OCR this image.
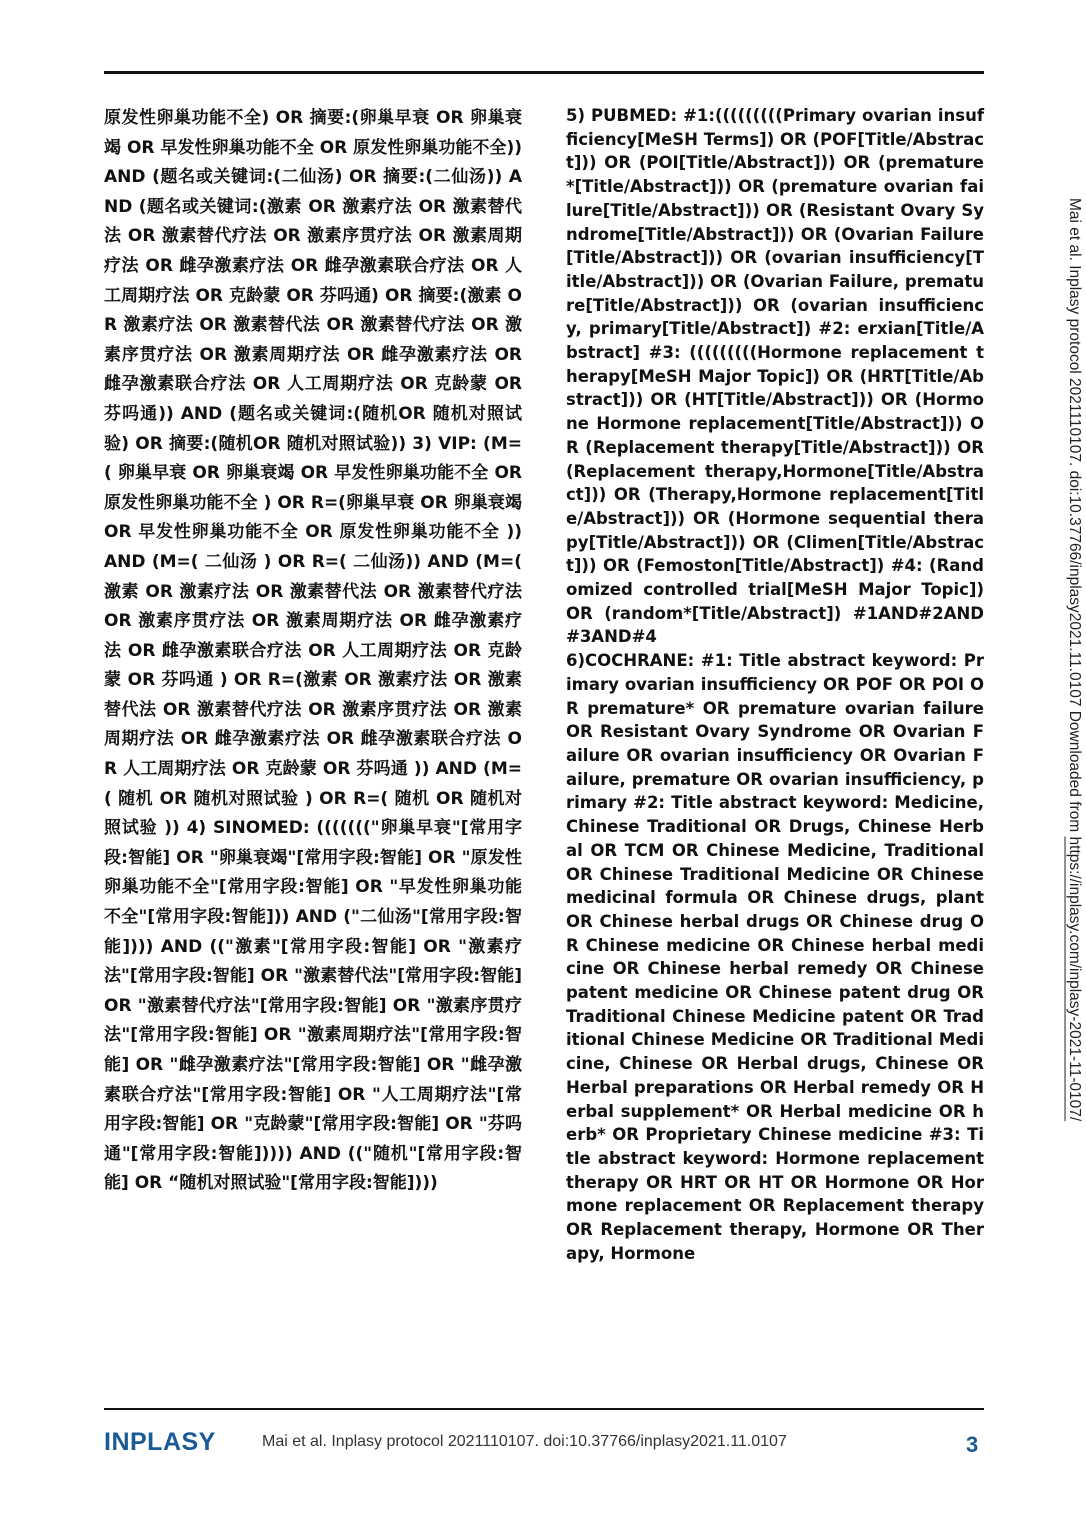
原发性卵巢功能不全) OR 摘要:(卵巢早衰 OR 卵巢衰竭 OR 早发性卵巢功能不全 OR 原发性卵巢功能不全)) AND (题名或关键词:(二仙汤) OR 摘要:(二仙汤)) AND (题名或关键词:(激素 OR 激素疗法 OR 激素替代法 OR 激素替代疗法 OR 激素序贯疗法 OR 激素周期疗法 OR 雌孕激素疗法 OR 雌孕激素联合疗法 OR 人工周期疗法 OR 克龄蒙 OR 芬吗通) OR 摘要:(激素 OR 激素疗法 OR 激素替代法 OR 激素替代疗法 OR 激素序贯疗法 OR 激素周期疗法 OR 雌孕激素疗法 OR 雌孕激素联合疗法 OR 人工周期疗法 OR 克龄蒙 OR 芬吗通)) AND (题名或关键词:(随机OR 随机对照试验) OR 摘要:(随机OR 随机对照试验)) 3) VIP: (M=( 卵巢早衰 OR 卵巢衰竭 OR 早发性卵巢功能不全 OR 原发性卵巢功能不全 ) OR R=(卵巢早衰 OR 卵巢衰竭 OR 早发性卵巢功能不全 OR 原发性卵巢功能不全 )) AND (M=( 二仙汤 ) OR R=( 二仙汤)) AND (M=( 激素 OR 激素疗法 OR 激素替代法 OR 激素替代疗法 OR 激素序贯疗法 OR 激素周期疗法 OR 雌孕激素疗法 OR 雌孕激素联合疗法 OR 人工周期疗法 OR 克龄蒙 OR 芬吗通 ) OR R=(激素 OR 激素疗法 OR 激素替代法 OR 激素替代疗法 OR 激素序贯疗法 OR 激素周期疗法 OR 雌孕激素疗法 OR 雌孕激素联合疗法 OR 人工周期疗法 OR 克龄蒙 OR 芬吗通 )) AND (M=( 随机 OR 随机对照试验 ) OR R=( 随机 OR 随机对照试验 )) 4) SINOMED: ((((((("卵巢早衰"[常用字段:智能] OR "卵巢衰竭"[常用字段:智能] OR "原发性卵巢功能不全"[常用字段:智能] OR "早发性卵巢功能不全"[常用字段:智能])) AND ("二仙汤"[常用字段:智能]))) AND (("激素"[常用字段:智能] OR "激素疗法"[常用字段:智能] OR "激素替代法"[常用字段:智能] OR "激素替代疗法"[常用字段:智能] OR "激素序贯疗法"[常用字段:智能] OR "激素周期疗法"[常用字段:智能] OR "雌孕激素疗法"[常用字段:智能] OR "雌孕激素联合疗法"[常用字段:智能] OR "人工周期疗法"[常用字段:智能] OR "克龄蒙"[常用字段:智能] OR "芬吗通"[常用字段:智能])))) AND (("随机"[常用字段:智能] OR “随机对照试验"[常用字段:智能])))

5) PUBMED: #1:(((((((((Primary ovarian insufficiency[MeSH Terms]) OR (POF[Title/Abstract])) OR (POI[Title/Abstract])) OR (premature*[Title/Abstract])) OR (premature ovarian failure[Title/Abstract])) OR (Resistant Ovary Syndrome[Title/Abstract])) OR (Ovarian Failure[Title/Abstract])) OR (ovarian insufficiency[Title/Abstract])) OR (Ovarian Failure, premature[Title/Abstract])) OR (ovarian insufficiency, primary[Title/Abstract]) #2: erxian[Title/Abstract] #3: (((((((((Hormone replacement therapy[MeSH Major Topic]) OR (HRT[Title/Abstract])) OR (HT[Title/Abstract])) OR (Hormone Hormone replacement[Title/Abstract])) OR (Replacement therapy[Title/Abstract])) OR (Replacement therapy,Hormone[Title/Abstract])) OR (Therapy,Hormone replacement[Title/Abstract])) OR (Hormone sequential therapy[Title/Abstract])) OR (Climen[Title/Abstract])) OR (Femoston[Title/Abstract]) #4: (Randomized controlled trial[MeSH Major Topic]) OR (random*[Title/Abstract]) #1AND#2AND#3AND#4

6)COCHRANE: #1: Title abstract keyword: Primary ovarian insufficiency OR POF OR POI OR premature* OR premature ovarian failure OR Resistant Ovary Syndrome OR Ovarian Failure OR ovarian insufficiency OR Ovarian Failure, premature OR ovarian insufficiency, primary #2: Title abstract keyword: Medicine, Chinese Traditional OR Drugs, Chinese Herbal OR TCM OR Chinese Medicine, Traditional OR Chinese Traditional Medicine OR Chinese medicinal formula OR Chinese drugs, plant OR Chinese herbal drugs OR Chinese drug OR Chinese medicine OR Chinese herbal medicine OR Chinese herbal remedy OR Chinese patent medicine OR Chinese patent drug OR Traditional Chinese Medicine patent OR Traditional Chinese Medicine OR Traditional Medicine, Chinese OR Herbal drugs, Chinese OR Herbal preparations OR Herbal remedy OR Herbal supplement* OR Herbal medicine OR herb* OR Proprietary Chinese medicine #3: Title abstract keyword: Hormone replacement therapy OR HRT OR HT OR Hormone OR Hormone replacement OR Replacement therapy OR Replacement therapy, Hormone OR Therapy, Hormone

Mai et al. Inplasy protocol 2021110107. doi:10.37766/inplasy2021.11.0107 Downloaded from https://inplasy.com/inplasy-2021-11-0107/
INPLASY	Mai et al. Inplasy protocol 2021110107. doi:10.37766/inplasy2021.11.0107	3
